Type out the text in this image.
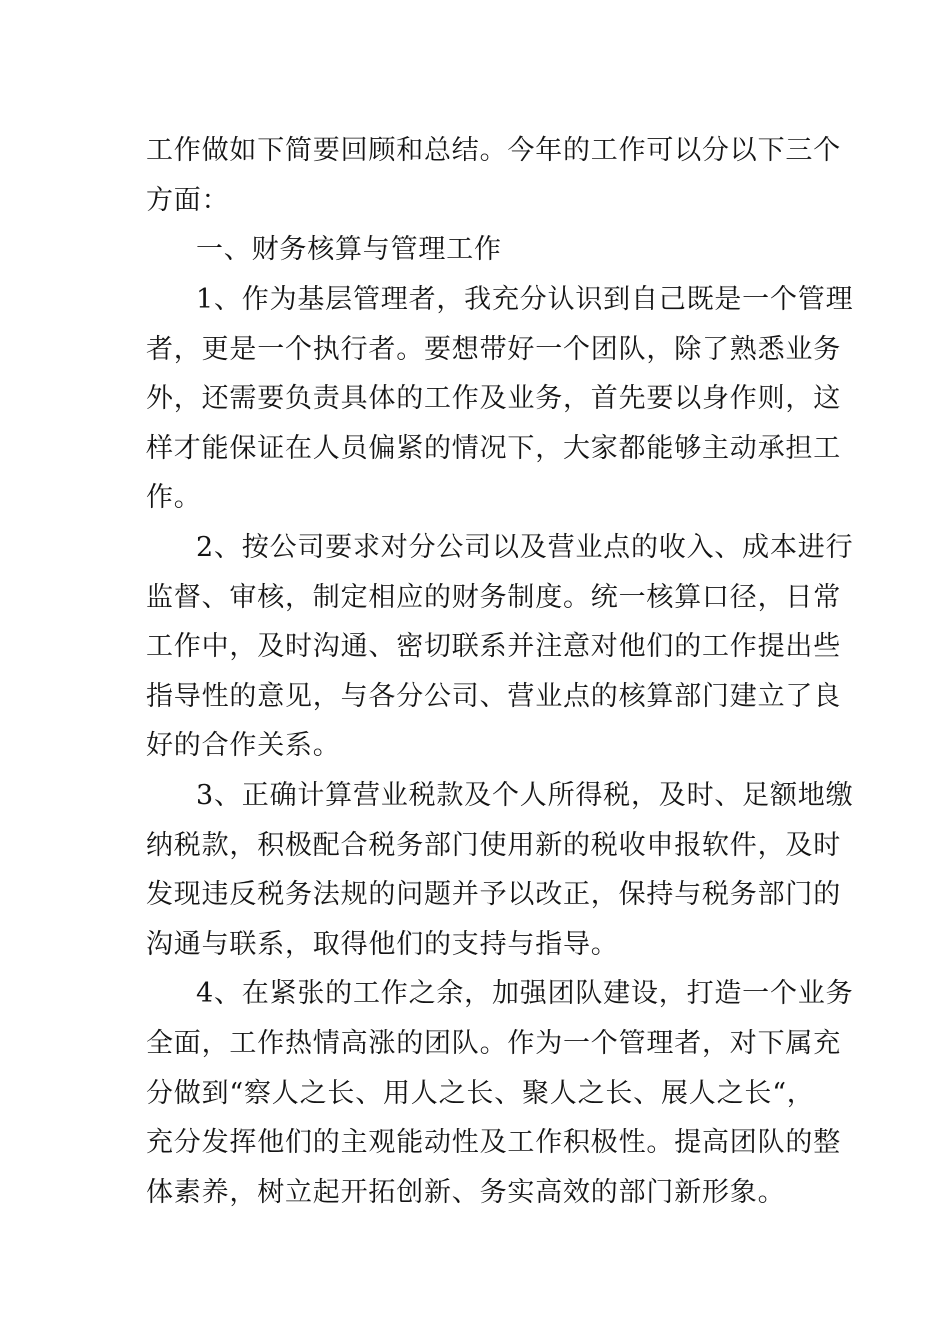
工作做如下简要回顾和总结。今年的工作可以分以下三个
方面：
一、财务核算与管理工作
1、作为基层管理者，我充分认识到自己既是一个管理
者，更是一个执行者。要想带好一个团队，除了熟悉业务
外，还需要负责具体的工作及业务，首先要以身作则，这
样才能保证在人员偏紧的情况下，大家都能够主动承担工
作。
2、按公司要求对分公司以及营业点的收入、成本进行
监督、审核，制定相应的财务制度。统一核算口径，日常
工作中，及时沟通、密切联系并注意对他们的工作提出些
指导性的意见，与各分公司、营业点的核算部门建立了良
好的合作关系。
3、正确计算营业税款及个人所得税，及时、足额地缴
纳税款，积极配合税务部门使用新的税收申报软件，及时
发现违反税务法规的问题并予以改正，保持与税务部门的
沟通与联系，取得他们的支持与指导。
4、在紧张的工作之余，加强团队建设，打造一个业务
全面，工作热情高涨的团队。作为一个管理者，对下属充
分做到“察人之长、用人之长、聚人之长、展人之长“，
充分发挥他们的主观能动性及工作积极性。提高团队的整
体素养，树立起开拓创新、务实高效的部门新形象。
